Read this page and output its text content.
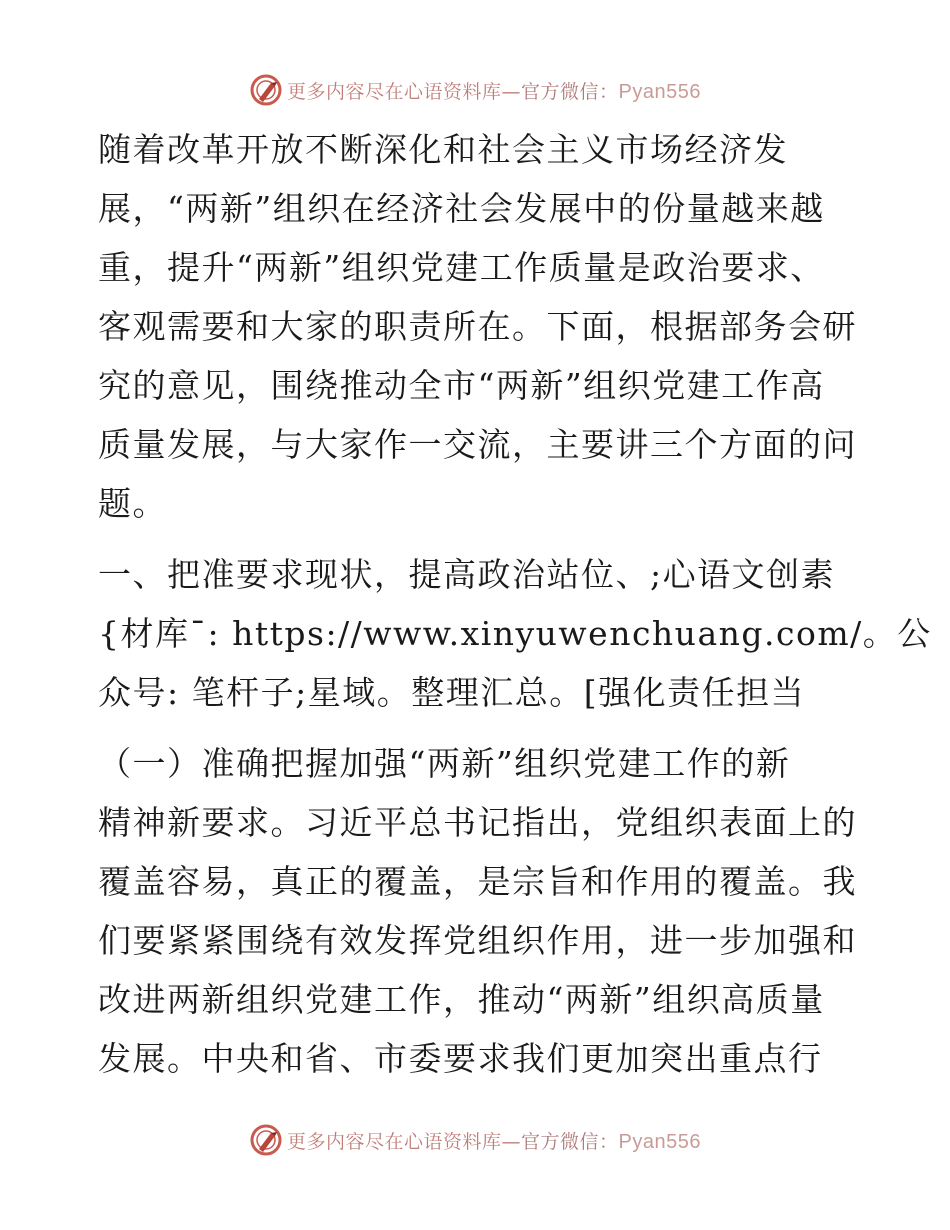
更多内容尽在心语资料库—官方微信：Pyan556
随着改革开放不断深化和社会主义市场经济发
展，“两新”组织在经济社会发展中的份量越来越
重，提升“两新”组织党建工作质量是政治要求、
客观需要和大家的职责所在。下面，根据部务会研
究的意见，围绕推动全市“两新”组织党建工作高
质量发展，与大家作一交流，主要讲三个方面的问
题。
一、把准要求现状，提高政治站位、;心语文创素
{材库¯: https://www.xinyuwenchuang.com/。公
众号: 笔杆子;星域。整理汇总。[强化责任担当
（一）准确把握加强“两新”组织党建工作的新
精神新要求。习近平总书记指出，党组织表面上的
覆盖容易，真正的覆盖，是宗旨和作用的覆盖。我
们要紧紧围绕有效发挥党组织作用，进一步加强和
改进两新组织党建工作，推动“两新”组织高质量
发展。中央和省、市委要求我们更加突出重点行
更多内容尽在心语资料库—官方微信：Pyan556
